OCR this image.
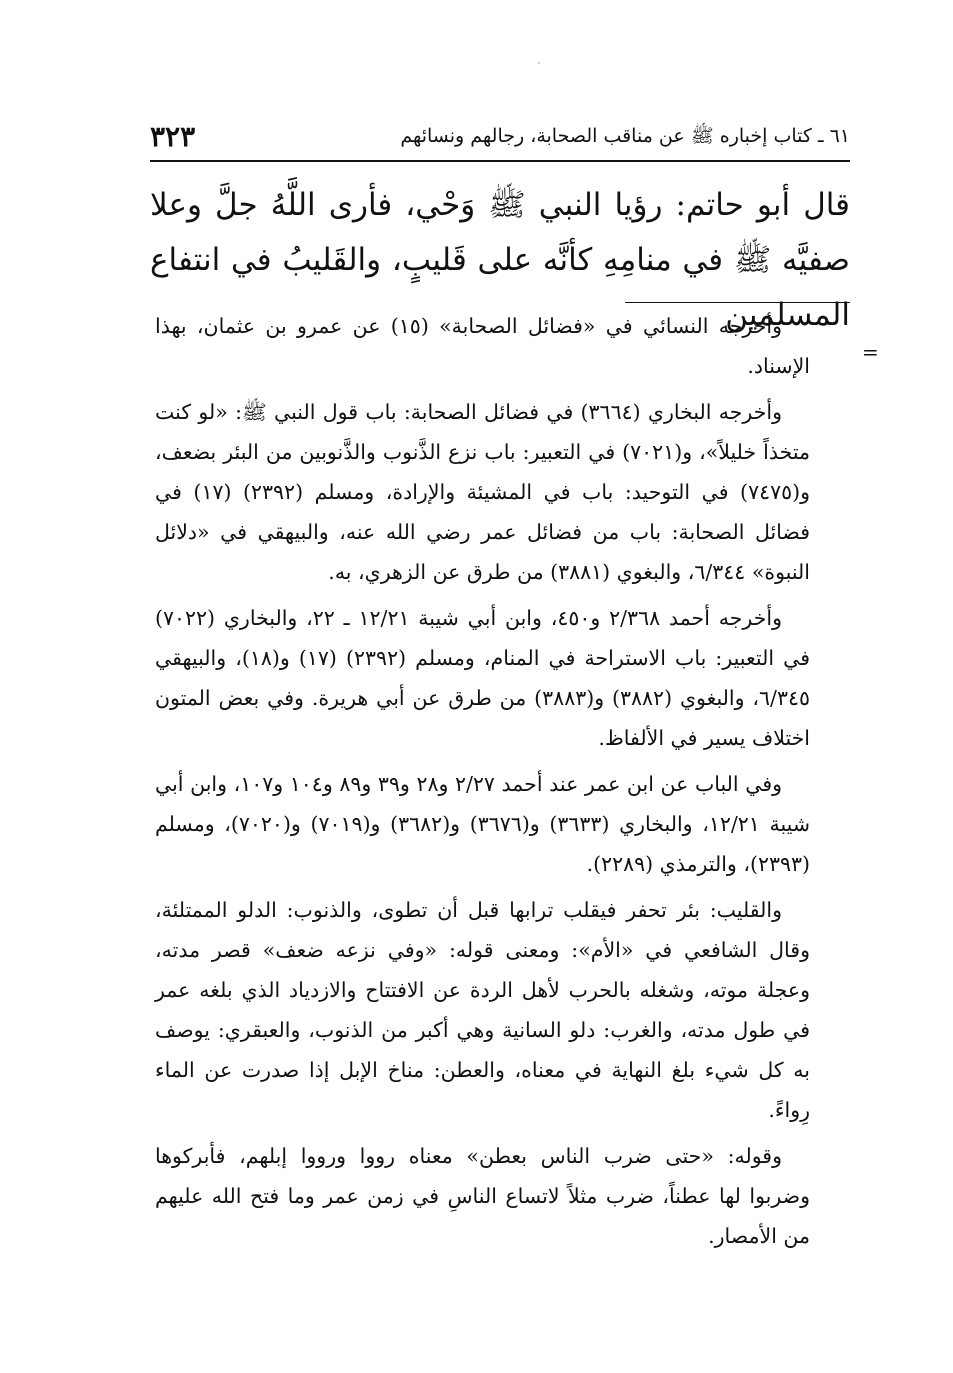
٦١ ـ كتاب إخباره ﷺ عن مناقب الصحابة، رجالهم ونسائهم
٣٢٣

قال أبو حاتم: رؤيا النبي ﷺ وَحْي، فأرى اللَّهُ جلَّ وعلا صفيَّه ﷺ في منامِهِ كأنَّه على قَليبٍ، والقَليبُ في انتفاع المسلمين

=

وأخرجه النسائي في «فضائل الصحابة» (١٥) عن عمرو بن عثمان، بهذا الإسناد.

وأخرجه البخاري (٣٦٦٤) في فضائل الصحابة: باب قول النبي ﷺ: «لو كنت متخذاً خليلاً»، و(٧٠٢١) في التعبير: باب نزع الذَّنوب والذَّنوبين من البئر بضعف، و(٧٤٧٥) في التوحيد: باب في المشيئة والإرادة، ومسلم (٢٣٩٢) (١٧) في فضائل الصحابة: باب من فضائل عمر رضي الله عنه، والبيهقي في «دلائل النبوة» ٦/٣٤٤، والبغوي (٣٨٨١) من طرق عن الزهري، به.

وأخرجه أحمد ٢/٣٦٨ و٤٥٠، وابن أبي شيبة ١٢/٢١ ـ ٢٢، والبخاري (٧٠٢٢) في التعبير: باب الاستراحة في المنام، ومسلم (٢٣٩٢) (١٧) و(١٨)، والبيهقي ٦/٣٤٥، والبغوي (٣٨٨٢) و(٣٨٨٣) من طرق عن أبي هريرة. وفي بعض المتون اختلاف يسير في الألفاظ.

وفي الباب عن ابن عمر عند أحمد ٢/٢٧ و٢٨ و٣٩ و٨٩ و١٠٤ و١٠٧، وابن أبي شيبة ١٢/٢١، والبخاري (٣٦٣٣) و(٣٦٧٦) و(٣٦٨٢) و(٧٠١٩) و(٧٠٢٠)، ومسلم (٢٣٩٣)، والترمذي (٢٢٨٩).

والقليب: بئر تحفر فيقلب ترابها قبل أن تطوى، والذنوب: الدلو الممتلئة، وقال الشافعي في «الأم»: ومعنى قوله: «وفي نزعه ضعف» قصر مدته، وعجلة موته، وشغله بالحرب لأهل الردة عن الافتتاح والازدياد الذي بلغه عمر في طول مدته، والغرب: دلو السانية وهي أكبر من الذنوب، والعبقري: يوصف به كل شيء بلغ النهاية في معناه، والعطن: مناخ الإبل إذا صدرت عن الماء رِواءً.

وقوله: «حتى ضرب الناس بعطن» معناه رووا ورووا إبلهم، فأبركوها وضربوا لها عطناً، ضرب مثلاً لاتساع الناسِ في زمن عمر وما فتح الله عليهم من الأمصار.
